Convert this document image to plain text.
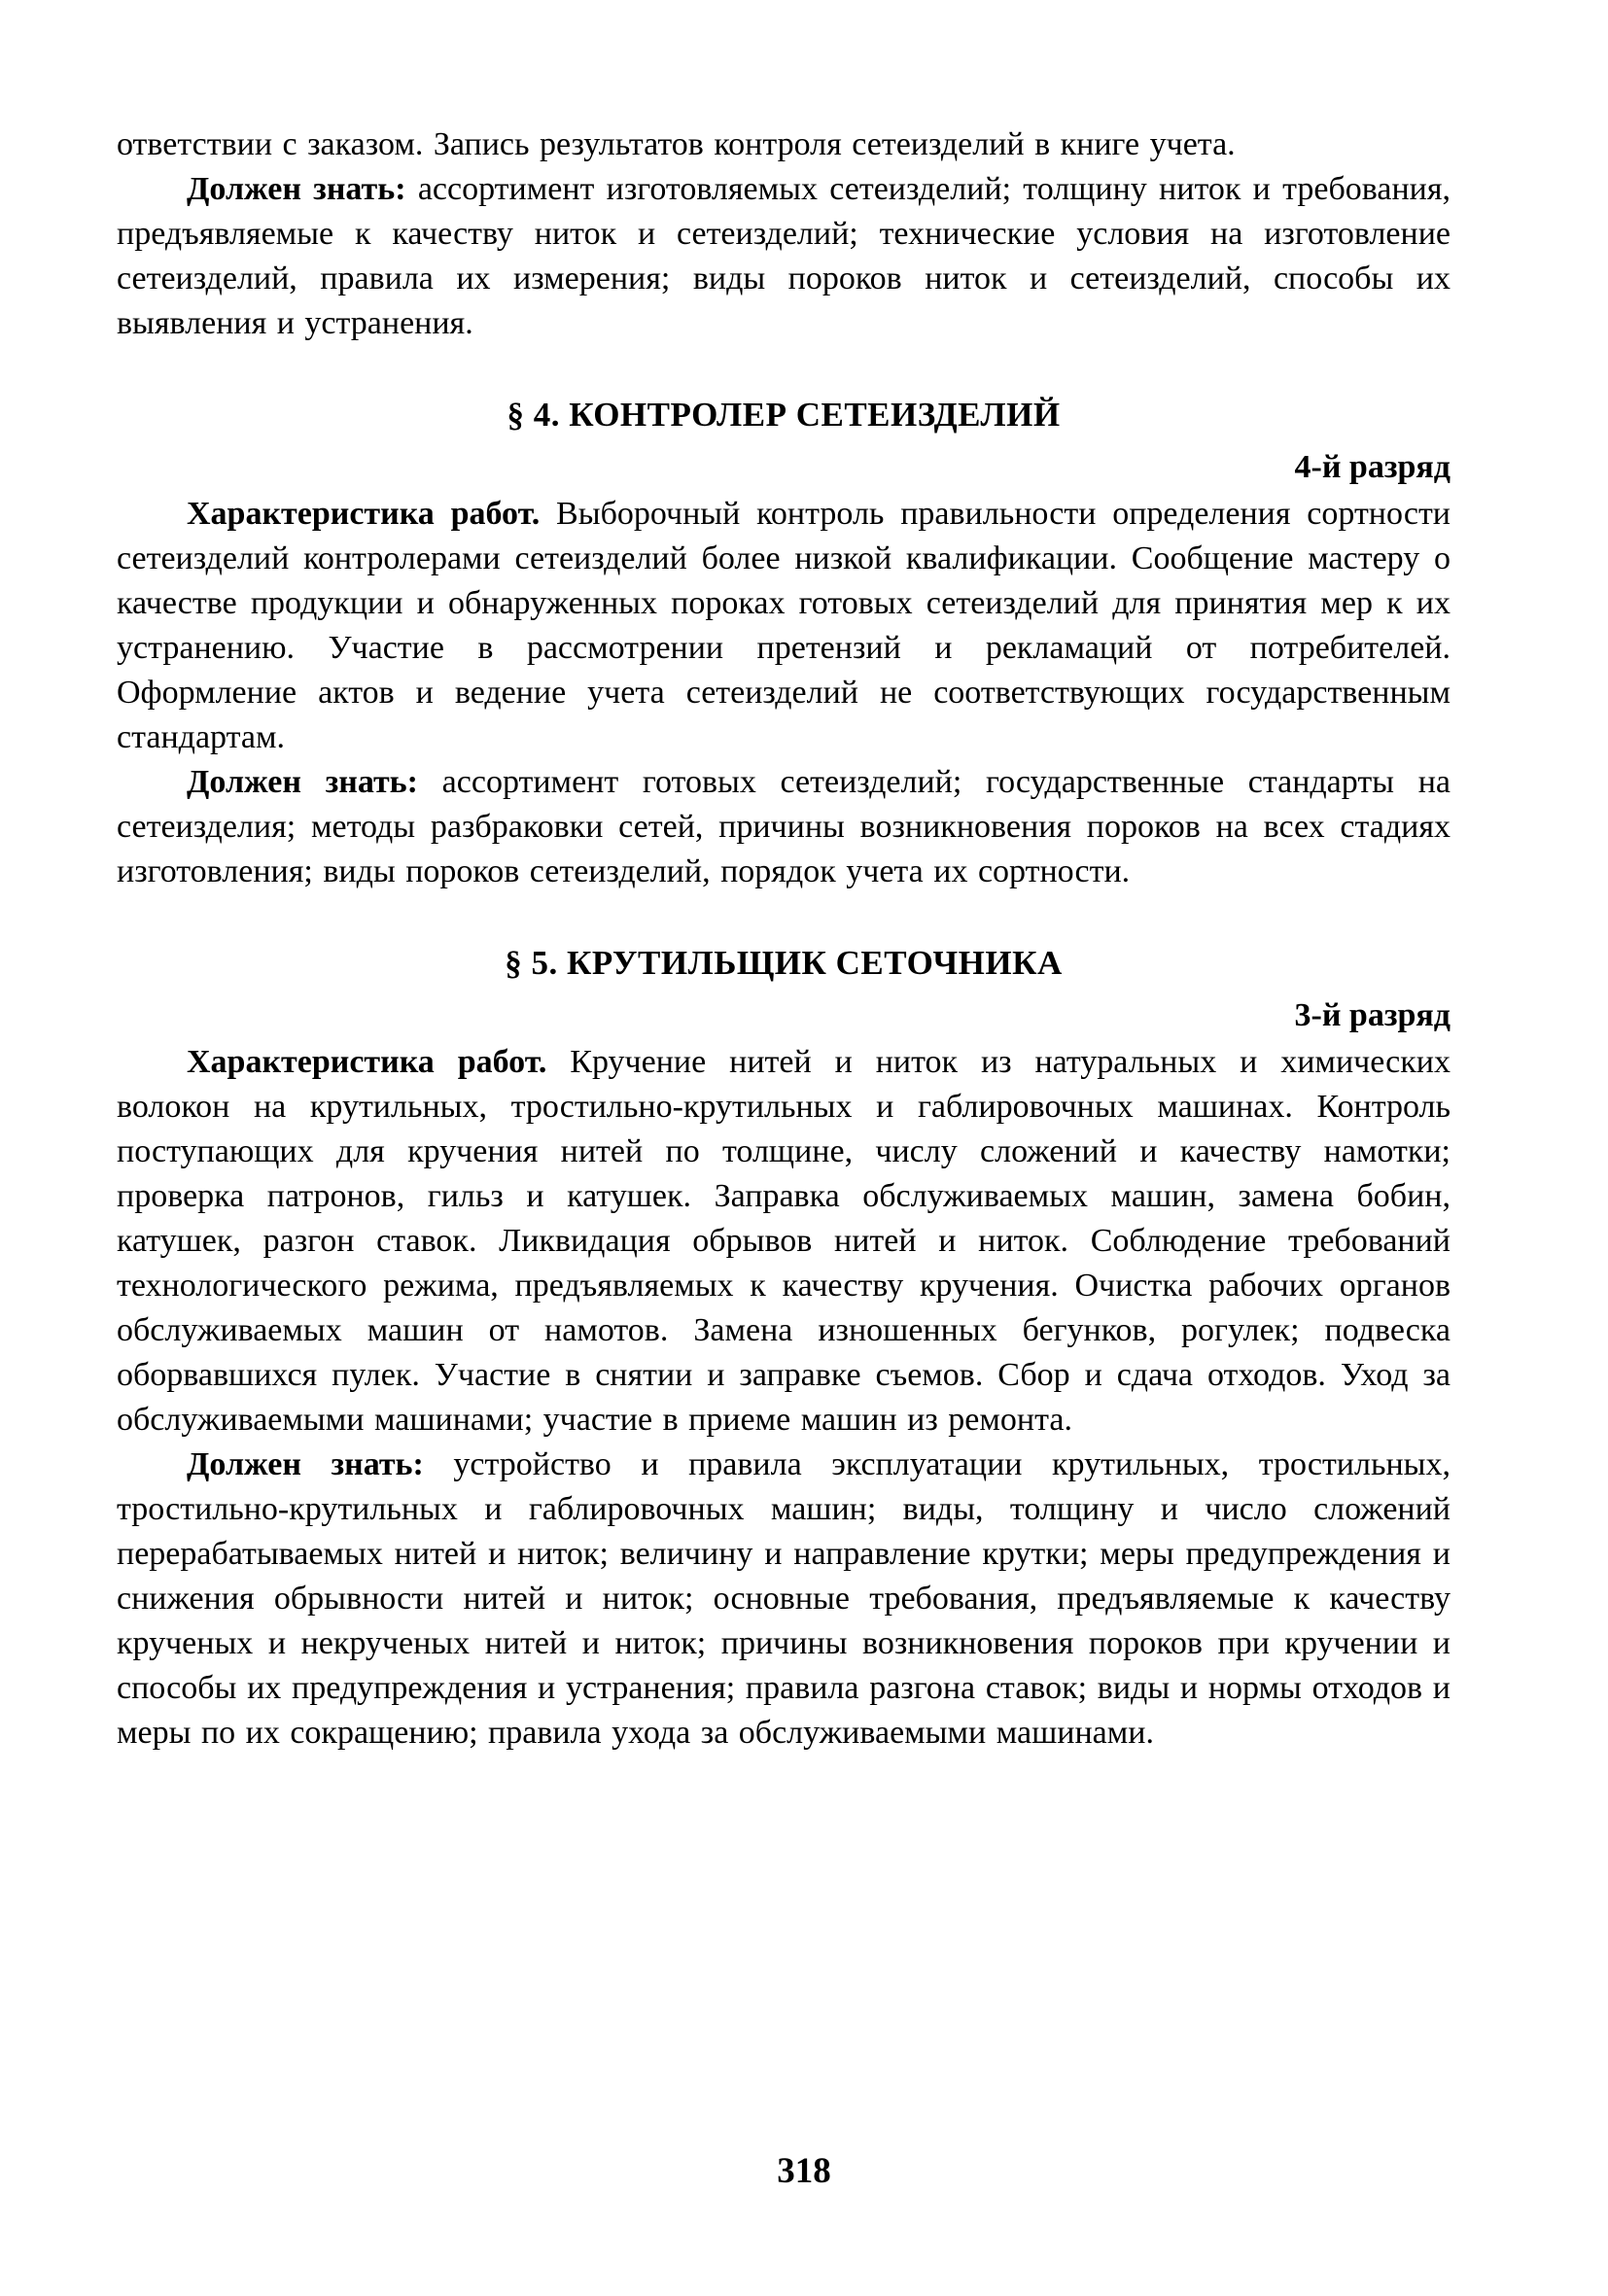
ответствии с заказом. Запись результатов контроля сетеизделий в книге учета.

Должен знать: ассортимент изготовляемых сетеизделий; толщину ниток и требования, предъявляемые к качеству ниток и сетеизделий; технические условия на изготовление сетеизделий, правила их измерения; виды пороков ниток и сетеизделий, способы их выявления и устранения.

§ 4. КОНТРОЛЕР СЕТЕИЗДЕЛИЙ
4-й разряд

Характеристика работ. Выборочный контроль правильности определения сортности сетеизделий контролерами сетеизделий более низкой квалификации. Сообщение мастеру о качестве продукции и обнаруженных пороках готовых сетеизделий для принятия мер к их устранению. Участие в рассмотрении претензий и рекламаций от потребителей. Оформление актов и ведение учета сетеизделий не соответствующих государственным стандартам.

Должен знать: ассортимент готовых сетеизделий; государственные стандарты на сетеизделия; методы разбраковки сетей, причины возникновения пороков на всех стадиях изготовления; виды пороков сетеизделий, порядок учета их сортности.

§ 5. КРУТИЛЬЩИК СЕТОЧНИКА
3-й разряд

Характеристика работ. Кручение нитей и ниток из натуральных и химических волокон на крутильных, тростильно-крутильных и габлировочных машинах. Контроль поступающих для кручения нитей по толщине, числу сложений и качеству намотки; проверка патронов, гильз и катушек. Заправка обслуживаемых машин, замена бобин, катушек, разгон ставок. Ликвидация обрывов нитей и ниток. Соблюдение требований технологического режима, предъявляемых к качеству кручения. Очистка рабочих органов обслуживаемых машин от намотов. Замена изношенных бегунков, рогулек; подвеска оборвавшихся пулек. Участие в снятии и заправке съемов. Сбор и сдача отходов. Уход за обслуживаемыми машинами; участие в приеме машин из ремонта.

Должен знать: устройство и правила эксплуатации крутильных, тростильных, тростильно-крутильных и габлировочных машин; виды, толщину и число сложений перерабатываемых нитей и ниток; величину и направление крутки; меры предупреждения и снижения обрывности нитей и ниток; основные требования, предъявляемые к качеству крученых и некрученых нитей и ниток; причины возникновения пороков при кручении и способы их предупреждения и устранения; правила разгона ставок; виды и нормы отходов и меры по их сокращению; правила ухода за обслуживаемыми машинами.

318
